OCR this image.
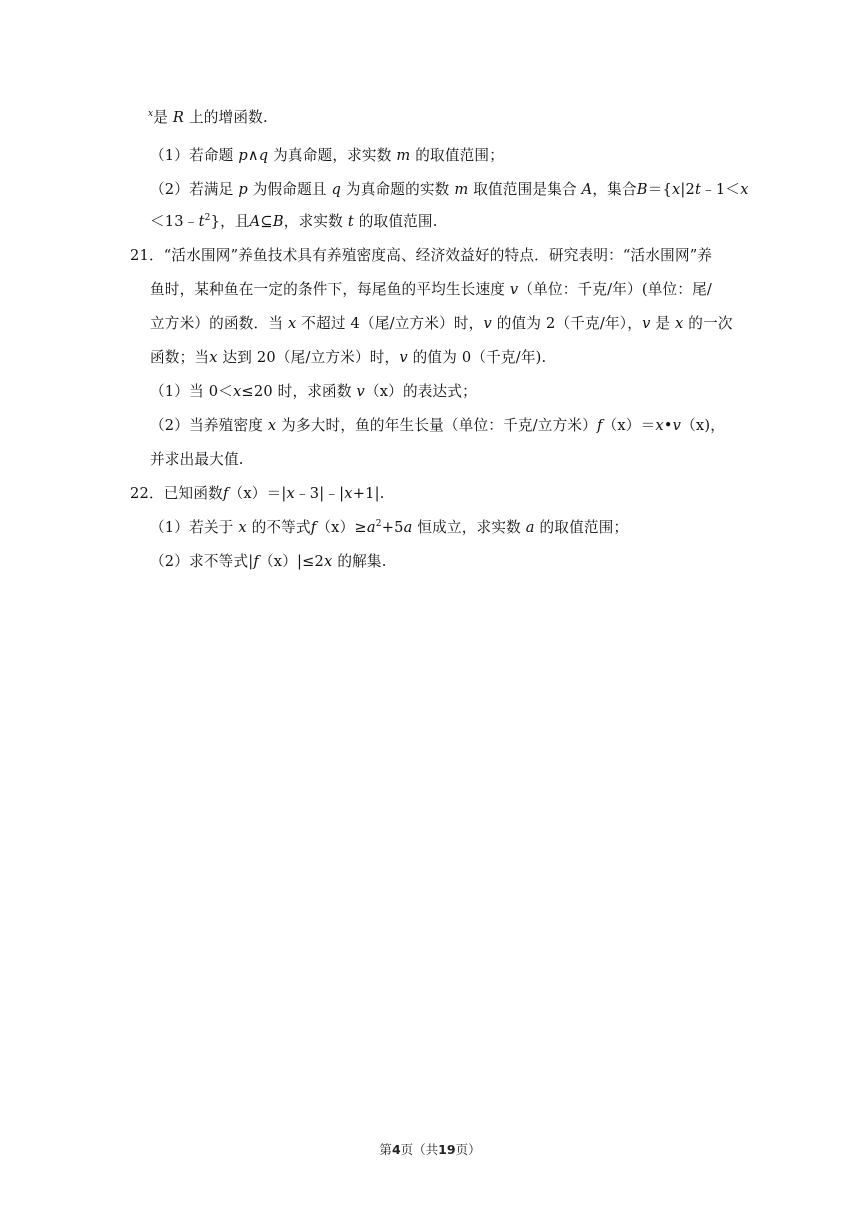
$^x$是 R 上的增函数.
（1）若命题 p∧q 为真命题，求实数 m 的取值范围；
（2）若满足 p 为假命题且 q 为真命题的实数 m 取值范围是集合 A，集合B＝{x|2t﹣1＜x
$<13﹣t^2$}，且A⊆B，求实数 t 的取值范围.
21．“活水围网”养鱼技术具有养殖密度高、经济效益好的特点．研究表明：“活水围网”养
鱼时，某种鱼在一定的条件下，每尾鱼的平均生长速度 v（单位：千克/年）(单位：尾/
立方米）的函数．当 x 不超过 4（尾/立方米）时，v 的值为 2（千克/年），v 是 x 的一次
函数；当x 达到 20（尾/立方米）时，v 的值为 0（千克/年).
（1）当 0＜x≤20 时，求函数 v（x）的表达式；
（2）当养殖密度 x 为多大时，鱼的年生长量（单位：千克/立方米）f（x）＝x•v（x)，
并求出最大值.
22．已知函数f（x）＝|x﹣3|﹣|x+1|.
（1）若关于 x 的不等式$f(x)\ge a^2+5a$ 恒成立，求实数 a 的取值范围；
（2）求不等式|f（x）|≤2x 的解集.
第4页（共19页）
